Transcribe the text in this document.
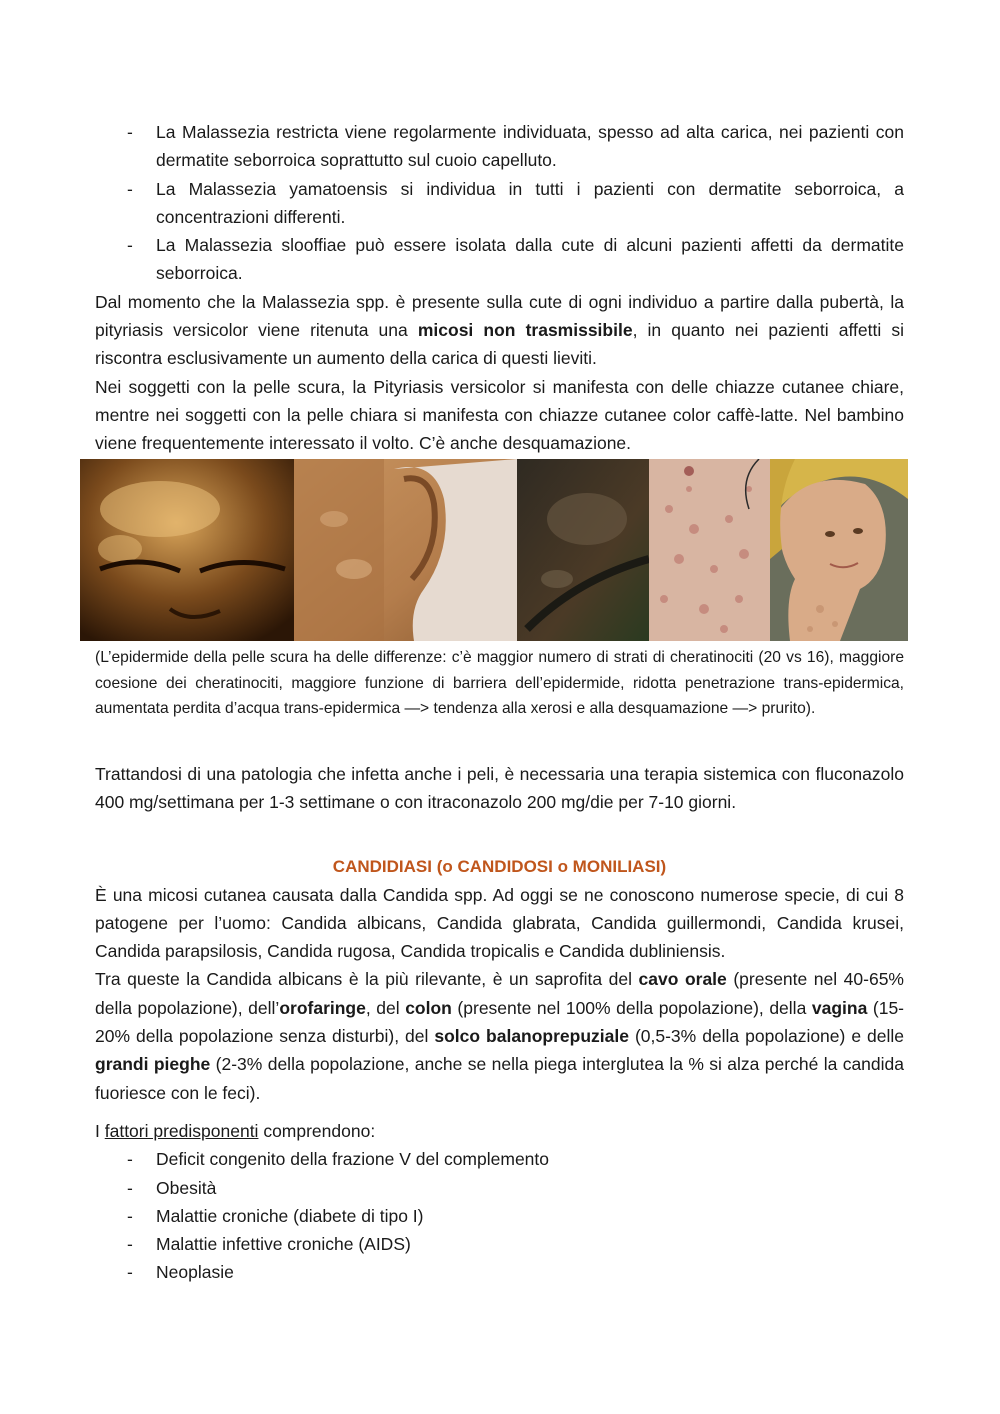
- La Malassezia restricta viene regolarmente individuata, spesso ad alta carica, nei pazienti con dermatite seborroica soprattutto sul cuoio capelluto.
- La Malassezia yamatoensis si individua in tutti i pazienti con dermatite seborroica, a concentrazioni differenti.
- La Malassezia slooffiae può essere isolata dalla cute di alcuni pazienti affetti da dermatite seborroica.

Dal momento che la Malassezia spp. è presente sulla cute di ogni individuo a partire dalla pubertà, la pityriasis versicolor viene ritenuta una micosi non trasmissibile, in quanto nei pazienti affetti si riscontra esclusivamente un aumento della carica di questi lieviti.

Nei soggetti con la pelle scura, la Pityriasis versicolor si manifesta con delle chiazze cutanee chiare, mentre nei soggetti con la pelle chiara si manifesta con chiazze cutanee color caffè-latte. Nel bambino viene frequentemente interessato il volto. C’è anche desquamazione.

(L’epidermide della pelle scura ha delle differenze: c’è maggior numero di strati di cheratinociti (20 vs 16), maggiore coesione dei cheratinociti, maggiore funzione di barriera dell’epidermide, ridotta penetrazione trans-epidermica, aumentata perdita d’acqua trans-epidermica —> tendenza alla xerosi e alla desquamazione —> prurito).

Trattandosi di una patologia che infetta anche i peli, è necessaria una terapia sistemica con fluconazolo 400 mg/settimana per 1-3 settimane o con itraconazolo 200 mg/die per 7-10 giorni.

CANDIDIASI (o CANDIDOSI o MONILIASI)

È una micosi cutanea causata dalla Candida spp. Ad oggi se ne conoscono numerose specie, di cui 8 patogene per l’uomo: Candida albicans, Candida glabrata, Candida guillermondi, Candida krusei, Candida parapsilosis, Candida rugosa, Candida tropicalis e Candida dubliniensis.

Tra queste la Candida albicans è la più rilevante, è un saprofita del cavo orale (presente nel 40-65% della popolazione), dell’orofaringe, del colon (presente nel 100% della popolazione), della vagina (15-20% della popolazione senza disturbi), del solco balanoprepuziale (0,5-3% della popolazione) e delle grandi pieghe (2-3% della popolazione, anche se nella piega interglutea la % si alza perché la candida fuoriesce con le feci).

I fattori predisponenti comprendono:

- Deficit congenito della frazione V del complemento
- Obesità
- Malattie croniche (diabete di tipo I)
- Malattie infettive croniche (AIDS)
- Neoplasie
